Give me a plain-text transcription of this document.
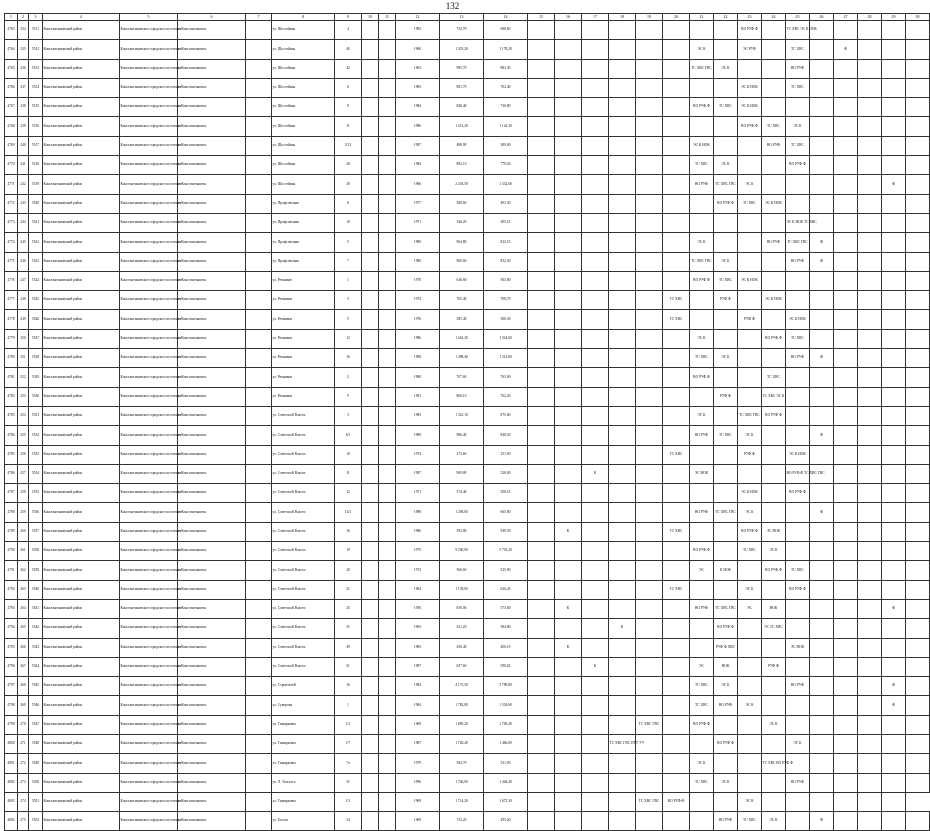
132
1	2	3	4	5	6	7	8	9	10	11	12	13	14	15	16	17	18	19	20	21	22	23	24	25	26	27	28	29	30
4763	234	5511	Константиновский район	Константиновское городское поселение	г. Константиновск		ул. Шоссейная	4			1985	752,70	688,60									ВО РУФ Ф		ТС ХВС ЭС К НОК					
4764	235	5512	Константиновский район	Константиновское городское поселение	г. Константиновск		ул. Шоссейная	40			1960	1 325,20	1 178,20							ЭС К		ЭС РУФ		ТС ХВС		Ф			
4765	236	5513	Константиновский район	Константиновское городское поселение	г. Константиновск		ул. Шоссейная	42			1963	985,70	883,30							ТС ХВС ГВС	ЭС К			ВО РУФ					
4766	237	5514	Константиновский район	Константиновское городское поселение	г. Константиновск		ул. Шоссейная	6			1985	801,70	702,40									ЭС К НОК		ТС ХВС					
4767	238	5515	Константиновский район	Константиновское городское поселение	г. Константиновск		ул. Шоссейная	8			1984	846,40	730,80							ВО РУФ Ф	ТС ХВС	ЭС К НОК							
4768	239	5516	Константиновский район	Константиновское городское поселение	г. Константиновск		ул. Шоссейная	11			1986	1 313,20	1 142,30									ВО РУФ Ф	ТС ХВС	ЭС К					
4769	240	5517	Константиновский район	Константиновское городское поселение	г. Константиновск		ул. Шоссейная	3/13			1987	488,90	389,00							ЭС К НОК			ВО РУФ	ТС ХВС					
4770	241	5518	Константиновский район	Константиновское городское поселение	г. Константиновск		ул. Шоссейная	20			1984	882,10	770,50							ТС ХВС	ЭС К			ВО РУФ Ф					
4771	242	5519	Константиновский район	Константиновское городское поселение	г. Константиновск		ул. Шоссейная	30			1966	2 254,50	1 332,60							ВО РУФ	ТС ХВС ГВС	ЭС К						Ф	
4772	243	5520	Константиновский район	Константиновское городское поселение	г. Константиновск		ул. Профсоюзная	8			1977	588,60	493,30								ВО РУФ Ф	ТС ХВС	ЭС К НОК						
4773	244	5521	Константиновский район	Константиновское городское поселение	г. Константиновск		ул. Профсоюзная	10			1971	346,20	305,10											ЭС К НОК ТС ХВС					
4774	245	5522	Константиновский район	Константиновское городское поселение	г. Константиновск		ул. Профсоюзная	5			1980	964,80	822,10							ЭС К			ВО РУФ	ТС ХВС ГВС	Ф				
4775	246	5523	Константиновский район	Константиновское городское поселение	г. Константиновск		ул. Профсоюзная	7			1980	960,60	832,50							ТС ХВС ГВС	ЭС К			ВО РУФ	Ф				
4776	247	5524	Константиновский район	Константиновское городское поселение	г. Константиновск		ул. Речников	1			1978	646,60	503,80							ВО РУФ Ф	ТС ХВС	ЭС К НОК							
4777	248	5525	Константиновский район	Константиновское городское поселение	г. Константиновск		ул. Речников	3			1974	765,40	708,70						ТС ХВС		РУФ Ф		ЭС К НОК						
4778	249	5526	Константиновский район	Константиновское городское поселение	г. Константиновск		ул. Речников	5			1976	585,40	500,30						ТС ХВС			РУФ Ф		ЭС К НОК					
4779	250	5527	Константиновский район	Константиновское городское поселение	г. Константиновск		ул. Речников	12			1986	1 642,20	1 324,60							ЭС К			ВО РУФ Ф	ТС ХВС					
4780	251	5528	Константиновский район	Константиновское городское поселение	г. Константиновск		ул. Речников	16			1988	1 498,40	1 314,80							ТС ХВС	ЭС К			ВО РУФ	Ф				
4781	252	5529	Константиновский район	Константиновское городское поселение	г. Константиновск		ул. Речников	2			1980	707,60	763,00							ВО РУФ Ф			ТС ХВС						
4782	253	5530	Константиновский район	Константиновское городское поселение	г. Константиновск		ул. Речников	9			1981	800,10	702,20								РУФ Ф		ТС ХВС ЭС К						
4783	254	5531	Константиновский район	Константиновское городское поселение	г. Константиновск		ул. Советской Власти	3			1983	1 341,10	875,60							ЭС К		ТС ХВС ГВС	ВО РУФ Ф						
4784	255	5532	Константиновский район	Константиновское городское поселение	г. Константиновск		ул. Советской Власти	6/1			1989	986,40	848,50							ВО РУФ	ТС ХВС	ЭС К			Ф				
4785	256	5533	Константиновский район	Константиновское городское поселение	г. Константиновск		ул. Советской Власти	10			1974	275,60	251,90						ТС ХВС			РУФ Ф		ЭС К НОК					
4786	257	5534	Константиновский район	Константиновское городское поселение	г. Константиновск		ул. Советской Власти	11			1987	909,80	528,00			К				ЭС НОК				ВО РУФ Ф ТС ХВС ГВС					
4787	258	5535	Константиновский район	Константиновское городское поселение	г. Константиновск		ул. Советской Власти	12			1971	574,40	508,10									ЭС К НОК		ВО РУФ Ф					
4788	259	5536	Константиновский район	Константиновское городское поселение	г. Константиновск		ул. Советской Власти	14/1			1988	1 206,00	665,80							ВО РУФ	ТС ХВС ГВС	ЭС К			Ф				
4789	260	5537	Константиновский район	Константиновское городское поселение	г. Константиновск		ул. Советской Власти	16			1986	593,80	949,50		К				ТС ХВС			ВО РУФ Ф	ЭС НОК						
4790	261	5538	Константиновский район	Константиновское городское поселение	г. Константиновск		ул. Советской Власти	19			1975	9 540,90	5 701,20							ВО РУФ Ф		ТС ХВС	ЭС К						
4791	262	5539	Константиновский район	Константиновское городское поселение	г. Константиновск		ул. Советской Власти	20			1972	560,60	525,90							ЭС	К НОК		ВО РУФ Ф	ТС ХВС					
4792	263	5540	Константиновский район	Константиновское городское поселение	г. Константиновск		ул. Советской Власти	21			1964	1 139,00	626,45						ТС ХВС			ЭС К		ВО РУФ Ф					
4793	264	5541	Константиновский район	Константиновское городское поселение	г. Константиновск		ул. Советской Власти	25			1956	650,00	573,60		К					ВО РУФ	ТС ХВС ГВС	ЭС	НОК					Ф	
4794	265	5542	Константиновский район	Константиновское городское поселение	г. Константиновск		ул. Советской Власти	35			1963	611,20	384,80				К				ВО РУФ Ф		ЭС ТС ХВС						
4795	266	5543	Константиновский район	Константиновское городское поселение	г. Константиновск		ул. Советской Власти	49			1985	456,40	406,10		К						РУФ Ф ХВС			ЭС НОК					
4796	267	5544	Константиновский район	Константиновское городское поселение	г. Константиновск		ул. Советской Власти	51			1987	657,60	598,02			К				ЭС	НОК		РУФ Ф						
4797	268	5545	Константиновский район	Константиновское городское поселение	г. Константиновск		ул. Строителей	16			1984	4 175,50	3 789,80							ТС ХВС	ЭС К			ВО РУФ				Ф	
4798	269	5546	Константиновский район	Константиновское городское поселение	г. Константиновск		ул. Суворова	1			1984	1 782,80	1 554,60							ТС ХВС	ВО РУФ	ЭС К						Ф	
4799	270	5547	Константиновский район	Константиновское городское поселение	г. Константиновск		ул. Тимирязева	1/1			1969	1 885,20	1 706,40					ТС ХВС ГВС		ВО РУФ Ф			ЭС К						
4800	271	5548	Константиновский район	Константиновское городское поселение	г. Константиновск		ул. Тимирязева	1/7			1987	1 726,20	1 466,00				ТС ХВС ГВС ПТУ УУ				ВО РУФ Ф			ЭС К					
4801	272	5549	Константиновский район	Константиновское городское поселение	г. Константиновск		ул. Тимирязева	7а			1979	584,70	531,90							ЭС К			ТС ХВС ВО РУФ Ф						
4802	273	5550	Константиновский район	Константиновское городское поселение	г. Константиновск		ул. Л. Толстого	31			1996	1 746,90	1 464,40							ТС ХВС	ЭС К			ВО РУФ					
4803	274	5551	Константиновский район	Константиновское городское поселение	г. Константиновск		ул. Тимирязева	1/3			1969	1 714,20	1 672,30					ТС ХВС ГВС	ВО РУФ Ф			ЭС К							
4804	275	5552	Константиновский район	Константиновское городское поселение	г. Константиновск		ул. Гоголя	24			1969	723,20	293,20								ВО РУФ	ТС ХВС	ЭС К		Ф				
